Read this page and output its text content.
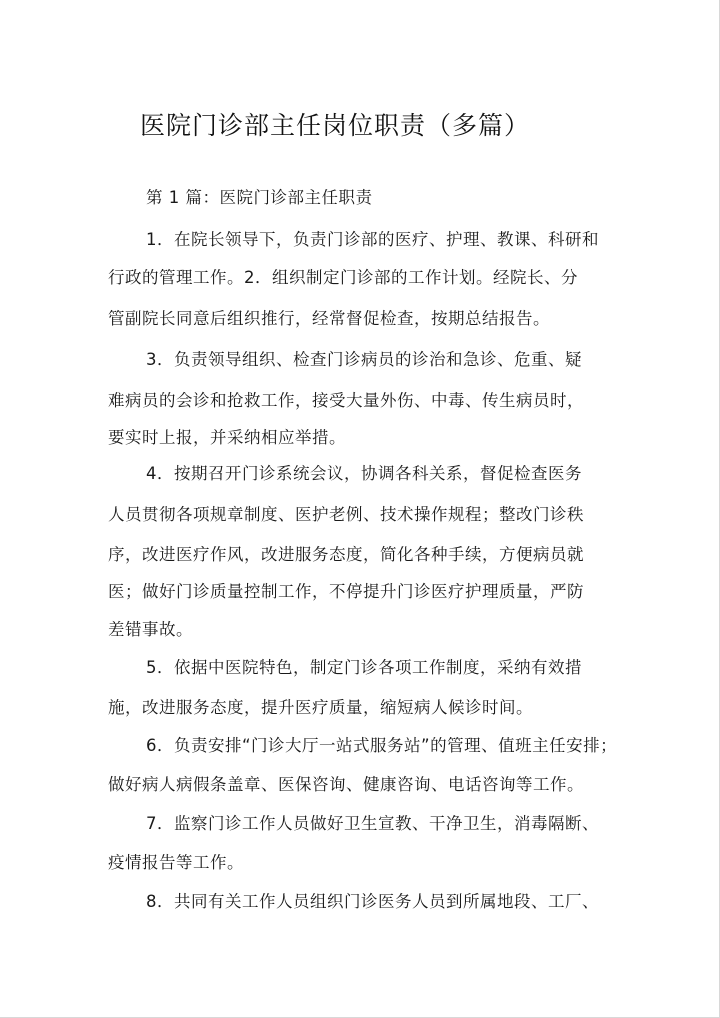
医院门诊部主任岗位职责（多篇）
第 1 篇：医院门诊部主任职责
1．在院长领导下，负责门诊部的医疗、护理、教课、科研和
行政的管理工作。2．组织制定门诊部的工作计划。经院长、分
管副院长同意后组织推行，经常督促检查，按期总结报告。
3．负责领导组织、检查门诊病员的诊治和急诊、危重、疑
难病员的会诊和抢救工作，接受大量外伤、中毒、传生病员时，
要实时上报，并采纳相应举措。
4．按期召开门诊系统会议，协调各科关系，督促检查医务
人员贯彻各项规章制度、医护老例、技术操作规程；整改门诊秩
序，改进医疗作风，改进服务态度，简化各种手续，方便病员就
医；做好门诊质量控制工作，不停提升门诊医疗护理质量，严防
差错事故。
5．依据中医院特色，制定门诊各项工作制度，采纳有效措
施，改进服务态度，提升医疗质量，缩短病人候诊时间。
6．负责安排“门诊大厅一站式服务站”的管理、值班主任安排；
做好病人病假条盖章、医保咨询、健康咨询、电话咨询等工作。
7．监察门诊工作人员做好卫生宣教、干净卫生，消毒隔断、
疫情报告等工作。
8．共同有关工作人员组织门诊医务人员到所属地段、工厂、
